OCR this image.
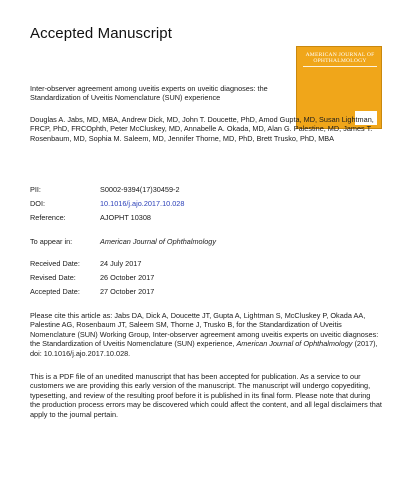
Accepted Manuscript
AMERICAN JOURNAL OF OPHTHALMOLOGY
Inter-observer agreement among uveitis experts on uveitic diagnoses: the Standardization of Uveitis Nomenclature (SUN) experience
Douglas A. Jabs, MD, MBA, Andrew Dick, MD, John T. Doucette, PhD, Amod Gupta, MD, Susan Lightman, FRCP, PhD, FRCOphth, Peter McCluskey, MD, Annabelle A. Okada, MD, Alan G. Palestine, MD, James T. Rosenbaum, MD, Sophia M. Saleem, MD, Jennifer Thorne, MD, PhD, Brett Trusko, PhD, MBA
PII:	S0002-9394(17)30459-2
DOI:	10.1016/j.ajo.2017.10.028
Reference:	AJOPHT 10308
To appear in:	American Journal of Ophthalmology
Received Date:	24 July 2017
Revised Date:	26 October 2017
Accepted Date:	27 October 2017
Please cite this article as: Jabs DA, Dick A, Doucette JT, Gupta A, Lightman S, McCluskey P, Okada AA, Palestine AG, Rosenbaum JT, Saleem SM, Thorne J, Trusko B, for the Standardization of Uveitis Nomenclature (SUN) Working Group, Inter-observer agreement among uveitis experts on uveitic diagnoses: the Standardization of Uveitis Nomenclature (SUN) experience, American Journal of Ophthalmology (2017), doi: 10.1016/j.ajo.2017.10.028.
This is a PDF file of an unedited manuscript that has been accepted for publication. As a service to our customers we are providing this early version of the manuscript. The manuscript will undergo copyediting, typesetting, and review of the resulting proof before it is published in its final form. Please note that during the production process errors may be discovered which could affect the content, and all legal disclaimers that apply to the journal pertain.
